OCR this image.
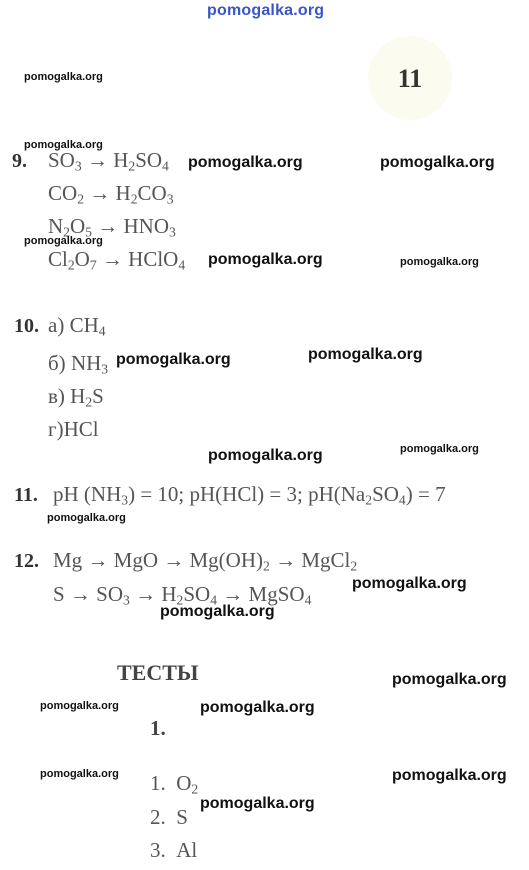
pomogalka.org
11
9. $SO_3 \to H_2SO_4$
$CO_2 \to H_2CO_3$
$N_2O_5 \to HNO_3$
$Cl_2O_7$ → HClO$_4$
10. а) $CH_4$
б) $NH_3$
в) $H_2S$
г)HCl
11. pH $(NH_3) = 10$; pH(HCl) = 3; $pH(Na_2SO_4) = 7$
12. Mg → MgO → $Mg(OH)_2$ → MgCl$_2$
$S \to SO_3 \to H_2SO_4$ → MgSO$_4$
ТЕСТЫ
1.
1. $O_2$
2. S
3. Al
pomogalka.org
pomogalka.org
pomogalka.org	pomogalka.org
pomogalka.org
pomogalka.org	pomogalka.org
pomogalka.org	pomogalka.org
pomogalka.org	pomogalka.org
pomogalka.org
pomogalka.org
pomogalka.org
pomogalka.org
pomogalka.org	pomogalka.org
pomogalka.org	pomogalka.org
pomogalka.org
